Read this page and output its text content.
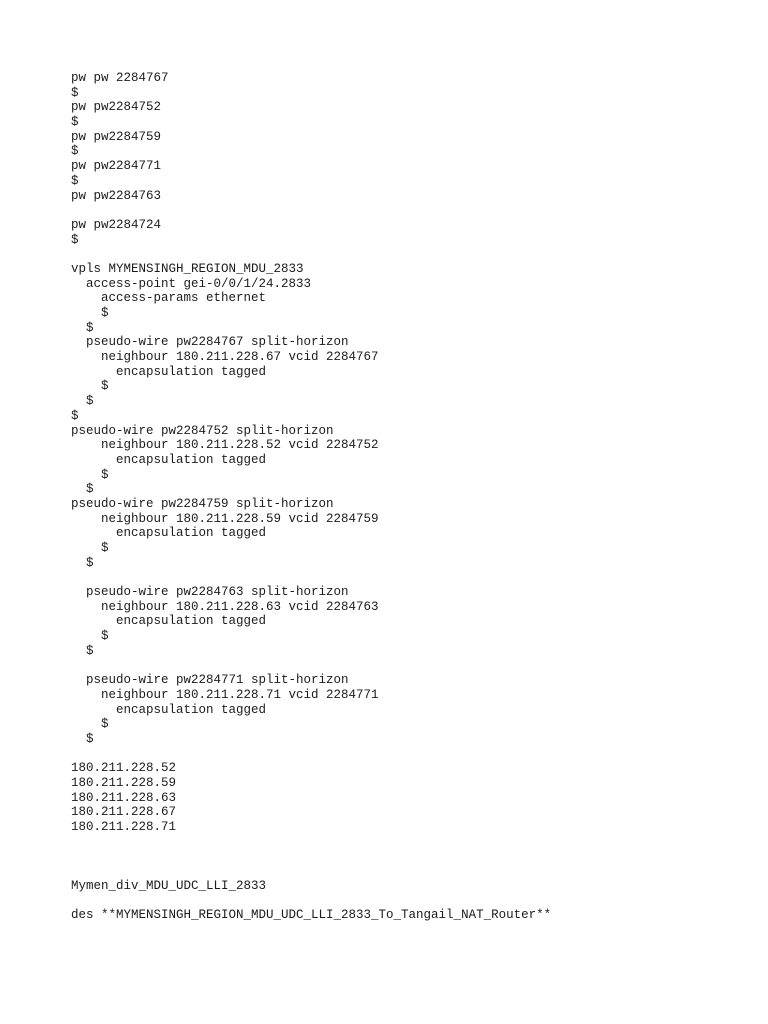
pw pw 2284767
$
pw pw2284752
$
pw pw2284759
$
pw pw2284771
$
pw pw2284763
pw pw2284724
$
vpls MYMENSINGH_REGION_MDU_2833
access-point gei-0/0/1/24.2833
access-params ethernet
$
$
pseudo-wire pw2284767 split-horizon
neighbour 180.211.228.67 vcid 2284767
encapsulation tagged
$
$
$
pseudo-wire pw2284752 split-horizon
neighbour 180.211.228.52 vcid 2284752
encapsulation tagged
$
$
pseudo-wire pw2284759 split-horizon
neighbour 180.211.228.59 vcid 2284759
encapsulation tagged
$
$
pseudo-wire pw2284763 split-horizon
neighbour 180.211.228.63 vcid 2284763
encapsulation tagged
$
$
pseudo-wire pw2284771 split-horizon
neighbour 180.211.228.71 vcid 2284771
encapsulation tagged
$
$
180.211.228.52
180.211.228.59
180.211.228.63
180.211.228.67
180.211.228.71
Mymen_div_MDU_UDC_LLI_2833
des **MYMENSINGH_REGION_MDU_UDC_LLI_2833_To_Tangail_NAT_Router**
